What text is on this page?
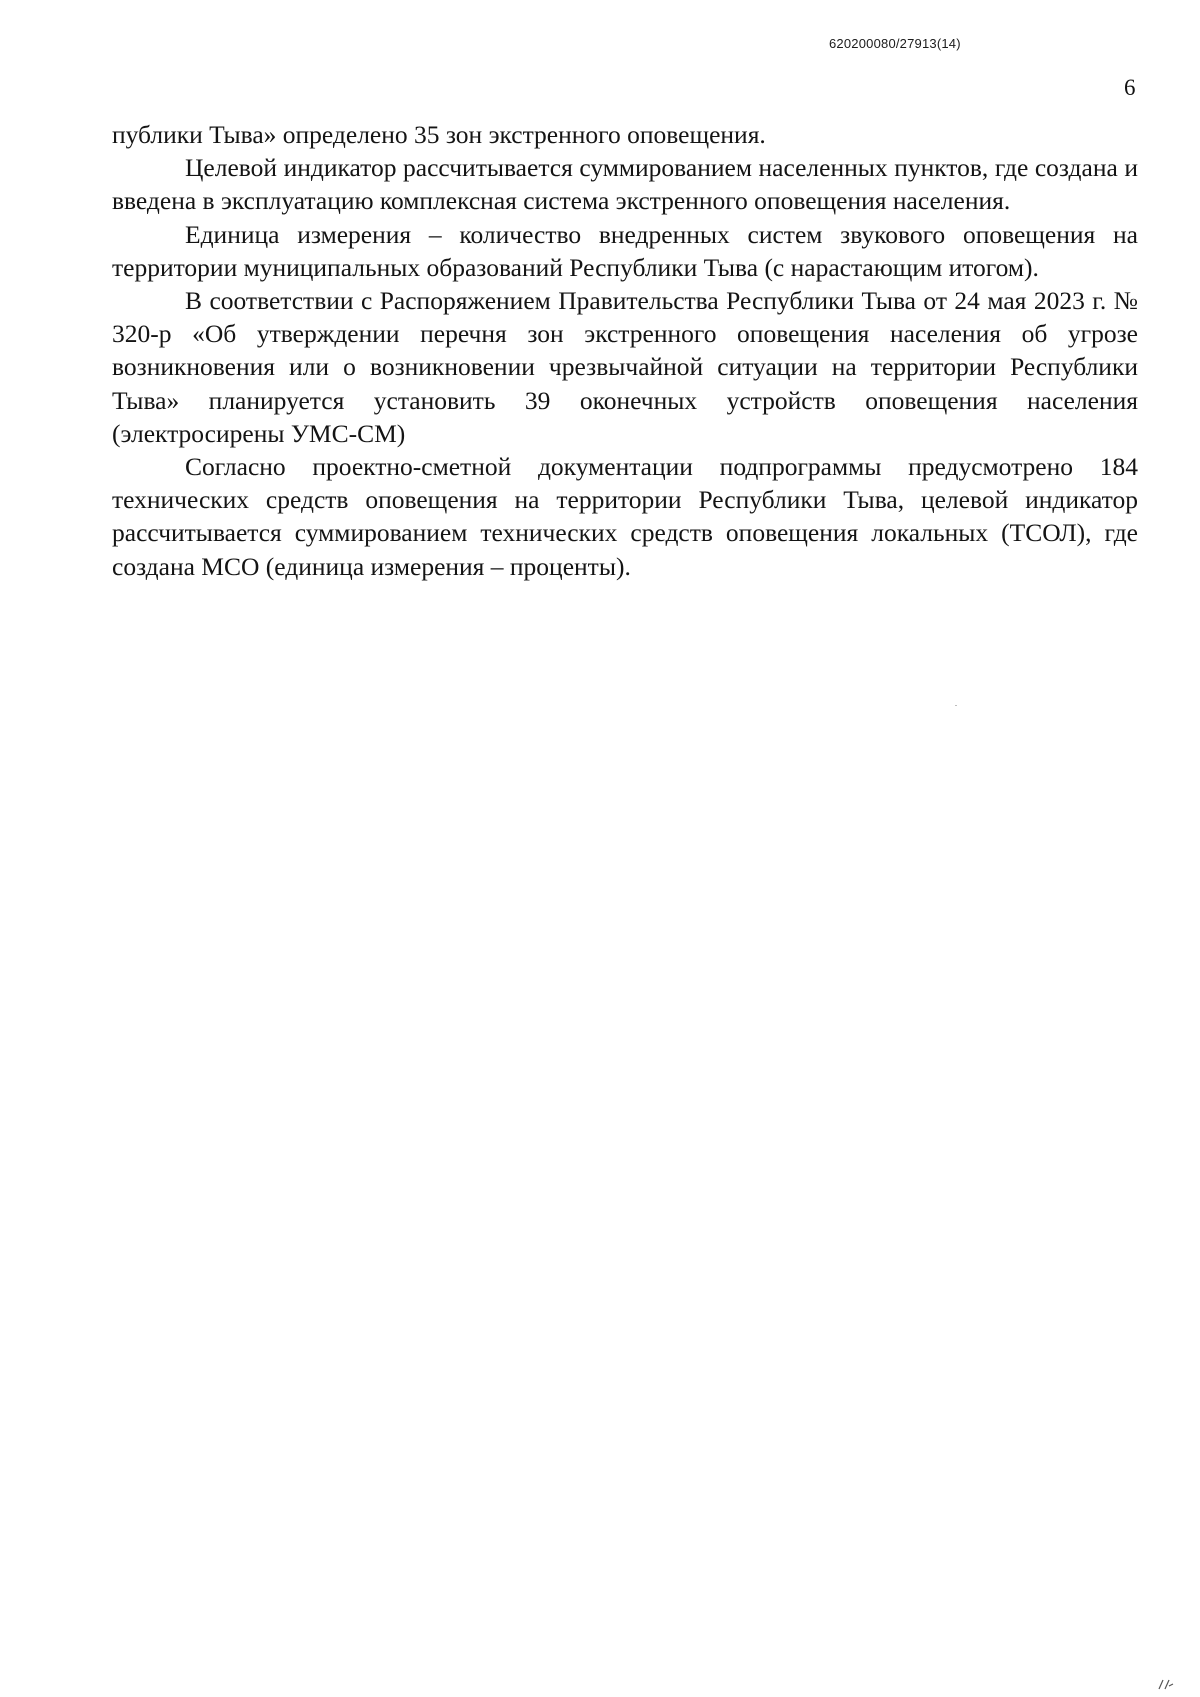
620200080/27913(14)
6

публики Тыва» определено 35 зон экстренного оповещения.

Целевой индикатор рассчитывается суммированием населенных пунктов, где создана и введена в эксплуатацию комплексная система экстренного оповещения населения.

Единица измерения – количество внедренных систем звукового оповещения на территории муниципальных образований Республики Тыва (с нарастающим итогом).

В соответствии с Распоряжением Правительства Республики Тыва от 24 мая 2023 г. № 320-р «Об утверждении перечня зон экстренного оповещения населения об угрозе возникновения или о возникновении чрезвычайной ситуации на территории Республики Тыва» планируется установить 39 оконечных устройств оповещения населения (электросирены УМС-СМ)

Согласно проектно-сметной документации подпрограммы предусмотрено 184 технических средств оповещения на территории Республики Тыва, целевой индикатор рассчитывается суммированием технических средств оповещения локальных (ТСОЛ), где создана МСО (единица измерения – проценты).
